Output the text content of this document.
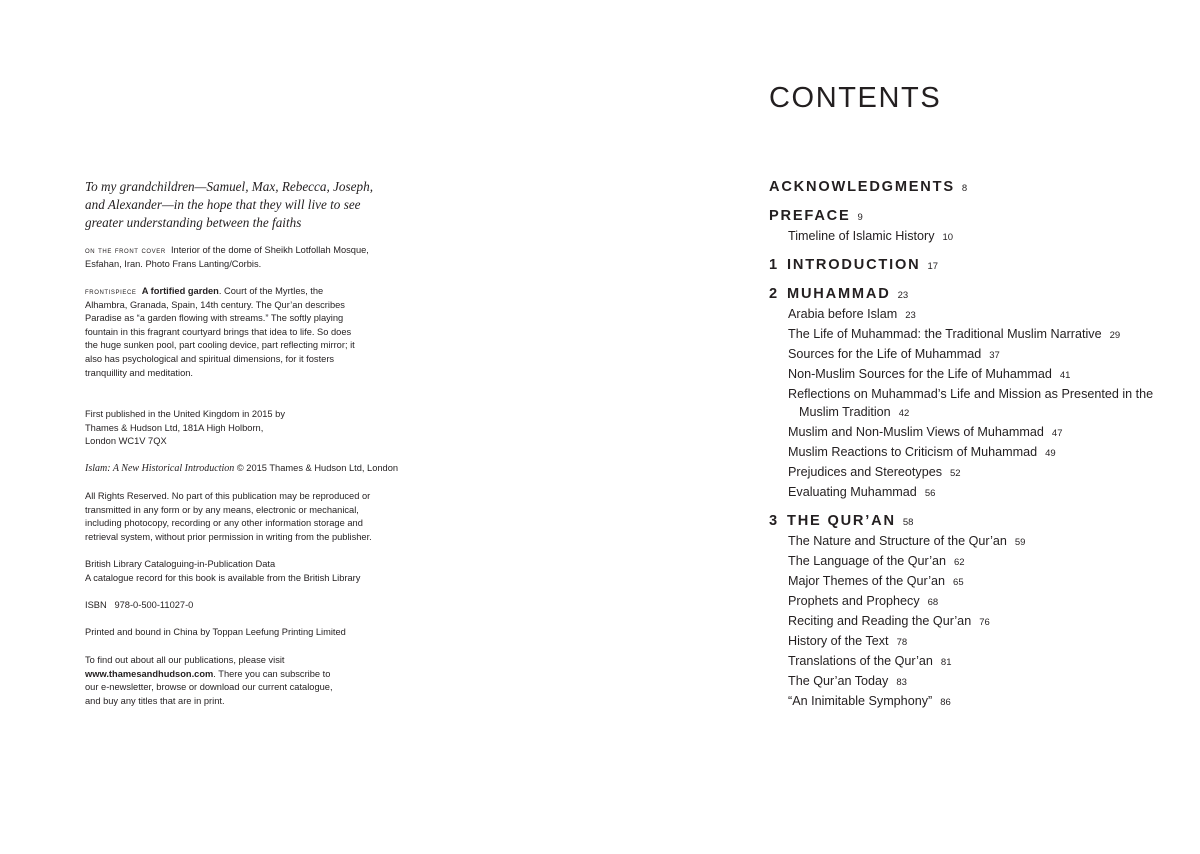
To my grandchildren—Samuel, Max, Rebecca, Joseph, and Alexander—in the hope that they will live to see greater understanding between the faiths
on the front cover Interior of the dome of Sheikh Lotfollah Mosque, Esfahan, Iran. Photo Frans Lanting/Corbis.
frontispiece A fortified garden. Court of the Myrtles, the Alhambra, Granada, Spain, 14th century. The Qur’an describes Paradise as “a garden flowing with streams.” The softly playing fountain in this fragrant courtyard brings that idea to life. So does the huge sunken pool, part cooling device, part reflecting mirror; it also has psychological and spiritual dimensions, for it fosters tranquillity and meditation.
First published in the United Kingdom in 2015 by Thames & Hudson Ltd, 181A High Holborn, London WC1V 7QX
Islam: A New Historical Introduction © 2015 Thames & Hudson Ltd, London
All Rights Reserved. No part of this publication may be reproduced or transmitted in any form or by any means, electronic or mechanical, including photocopy, recording or any other information storage and retrieval system, without prior permission in writing from the publisher.
British Library Cataloguing-in-Publication Data
A catalogue record for this book is available from the British Library
ISBN   978-0-500-11027-0
Printed and bound in China by Toppan Leefung Printing Limited
To find out about all our publications, please visit www.thamesandhudson.com. There you can subscribe to our e-newsletter, browse or download our current catalogue, and buy any titles that are in print.
CONTENTS
ACKNOWLEDGMENTS 8
PREFACE 9
Timeline of Islamic History 10
1 INTRODUCTION 17
2 MUHAMMAD 23
Arabia before Islam 23
The Life of Muhammad: the Traditional Muslim Narrative 29
Sources for the Life of Muhammad 37
Non-Muslim Sources for the Life of Muhammad 41
Reflections on Muhammad’s Life and Mission as Presented in the Muslim Tradition 42
Muslim and Non-Muslim Views of Muhammad 47
Muslim Reactions to Criticism of Muhammad 49
Prejudices and Stereotypes 52
Evaluating Muhammad 56
3 THE QUR’AN 58
The Nature and Structure of the Qur’an 59
The Language of the Qur’an 62
Major Themes of the Qur’an 65
Prophets and Prophecy 68
Reciting and Reading the Qur’an 76
History of the Text 78
Translations of the Qur’an 81
The Qur’an Today 83
“An Inimitable Symphony” 86
